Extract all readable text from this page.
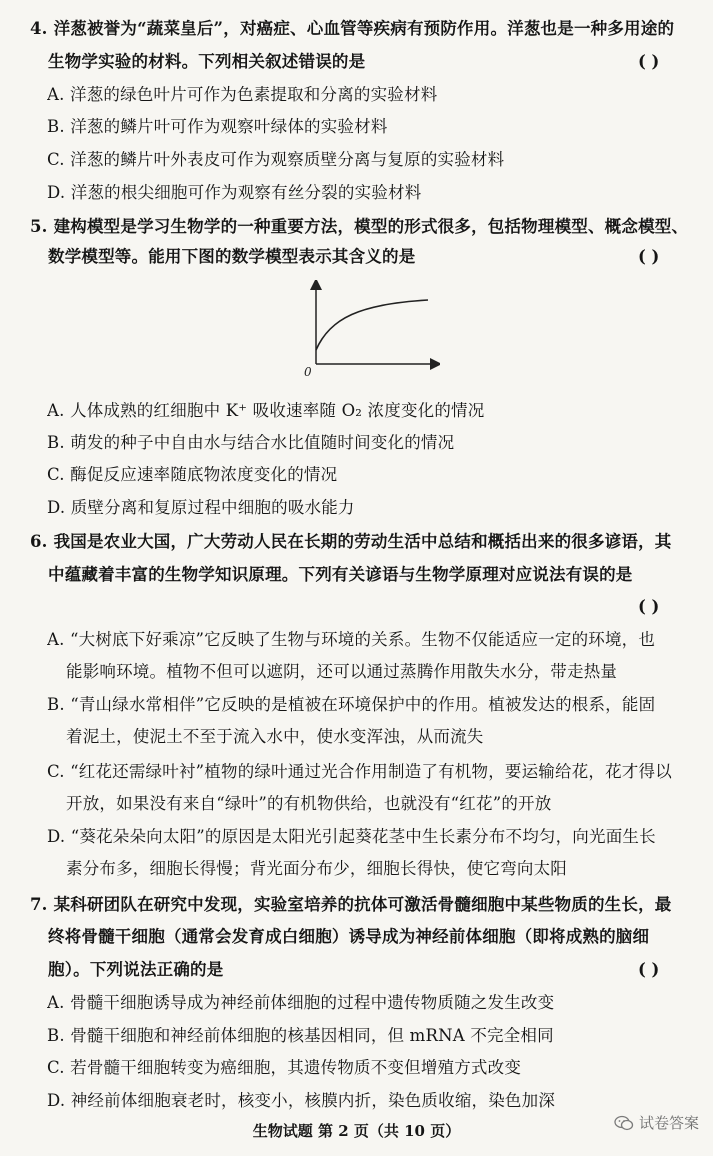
4. 洋葱被誉为“蔬菜皇后”，对癌症、心血管等疾病有预防作用。洋葱也是一种多用途的
生物学实验的材料。下列相关叙述错误的是	( )
A. 洋葱的绿色叶片可作为色素提取和分离的实验材料
B. 洋葱的鳞片叶可作为观察叶绿体的实验材料
C. 洋葱的鳞片叶外表皮可作为观察质壁分离与复原的实验材料
D. 洋葱的根尖细胞可作为观察有丝分裂的实验材料
5. 建构模型是学习生物学的一种重要方法，模型的形式很多，包括物理模型、概念模型、
数学模型等。能用下图的数学模型表示其含义的是	( )
0
A. 人体成熟的红细胞中 K⁺ 吸收速率随 O₂ 浓度变化的情况
B. 萌发的种子中自由水与结合水比值随时间变化的情况
C. 酶促反应速率随底物浓度变化的情况
D. 质壁分离和复原过程中细胞的吸水能力
6. 我国是农业大国，广大劳动人民在长期的劳动生活中总结和概括出来的很多谚语，其
中蕴藏着丰富的生物学知识原理。下列有关谚语与生物学原理对应说法有误的是
( )
A. “大树底下好乘凉”它反映了生物与环境的关系。生物不仅能适应一定的环境，也
能影响环境。植物不但可以遮阴，还可以通过蒸腾作用散失水分，带走热量
B. “青山绿水常相伴”它反映的是植被在环境保护中的作用。植被发达的根系，能固
着泥土，使泥土不至于流入水中，使水变浑浊，从而流失
C. “红花还需绿叶衬”植物的绿叶通过光合作用制造了有机物，要运输给花，花才得以
开放，如果没有来自“绿叶”的有机物供给，也就没有“红花”的开放
D. “葵花朵朵向太阳”的原因是太阳光引起葵花茎中生长素分布不均匀，向光面生长
素分布多，细胞长得慢；背光面分布少，细胞长得快，使它弯向太阳
7. 某科研团队在研究中发现，实验室培养的抗体可激活骨髓细胞中某些物质的生长，最
终将骨髓干细胞（通常会发育成白细胞）诱导成为神经前体细胞（即将成熟的脑细
胞）。下列说法正确的是	( )
A. 骨髓干细胞诱导成为神经前体细胞的过程中遗传物质随之发生改变
B. 骨髓干细胞和神经前体细胞的核基因相同，但 mRNA 不完全相同
C. 若骨髓干细胞转变为癌细胞，其遗传物质不变但增殖方式改变
D. 神经前体细胞衰老时，核变小，核膜内折，染色质收缩，染色加深
生物试题 第 2 页（共 10 页）	试卷答案
